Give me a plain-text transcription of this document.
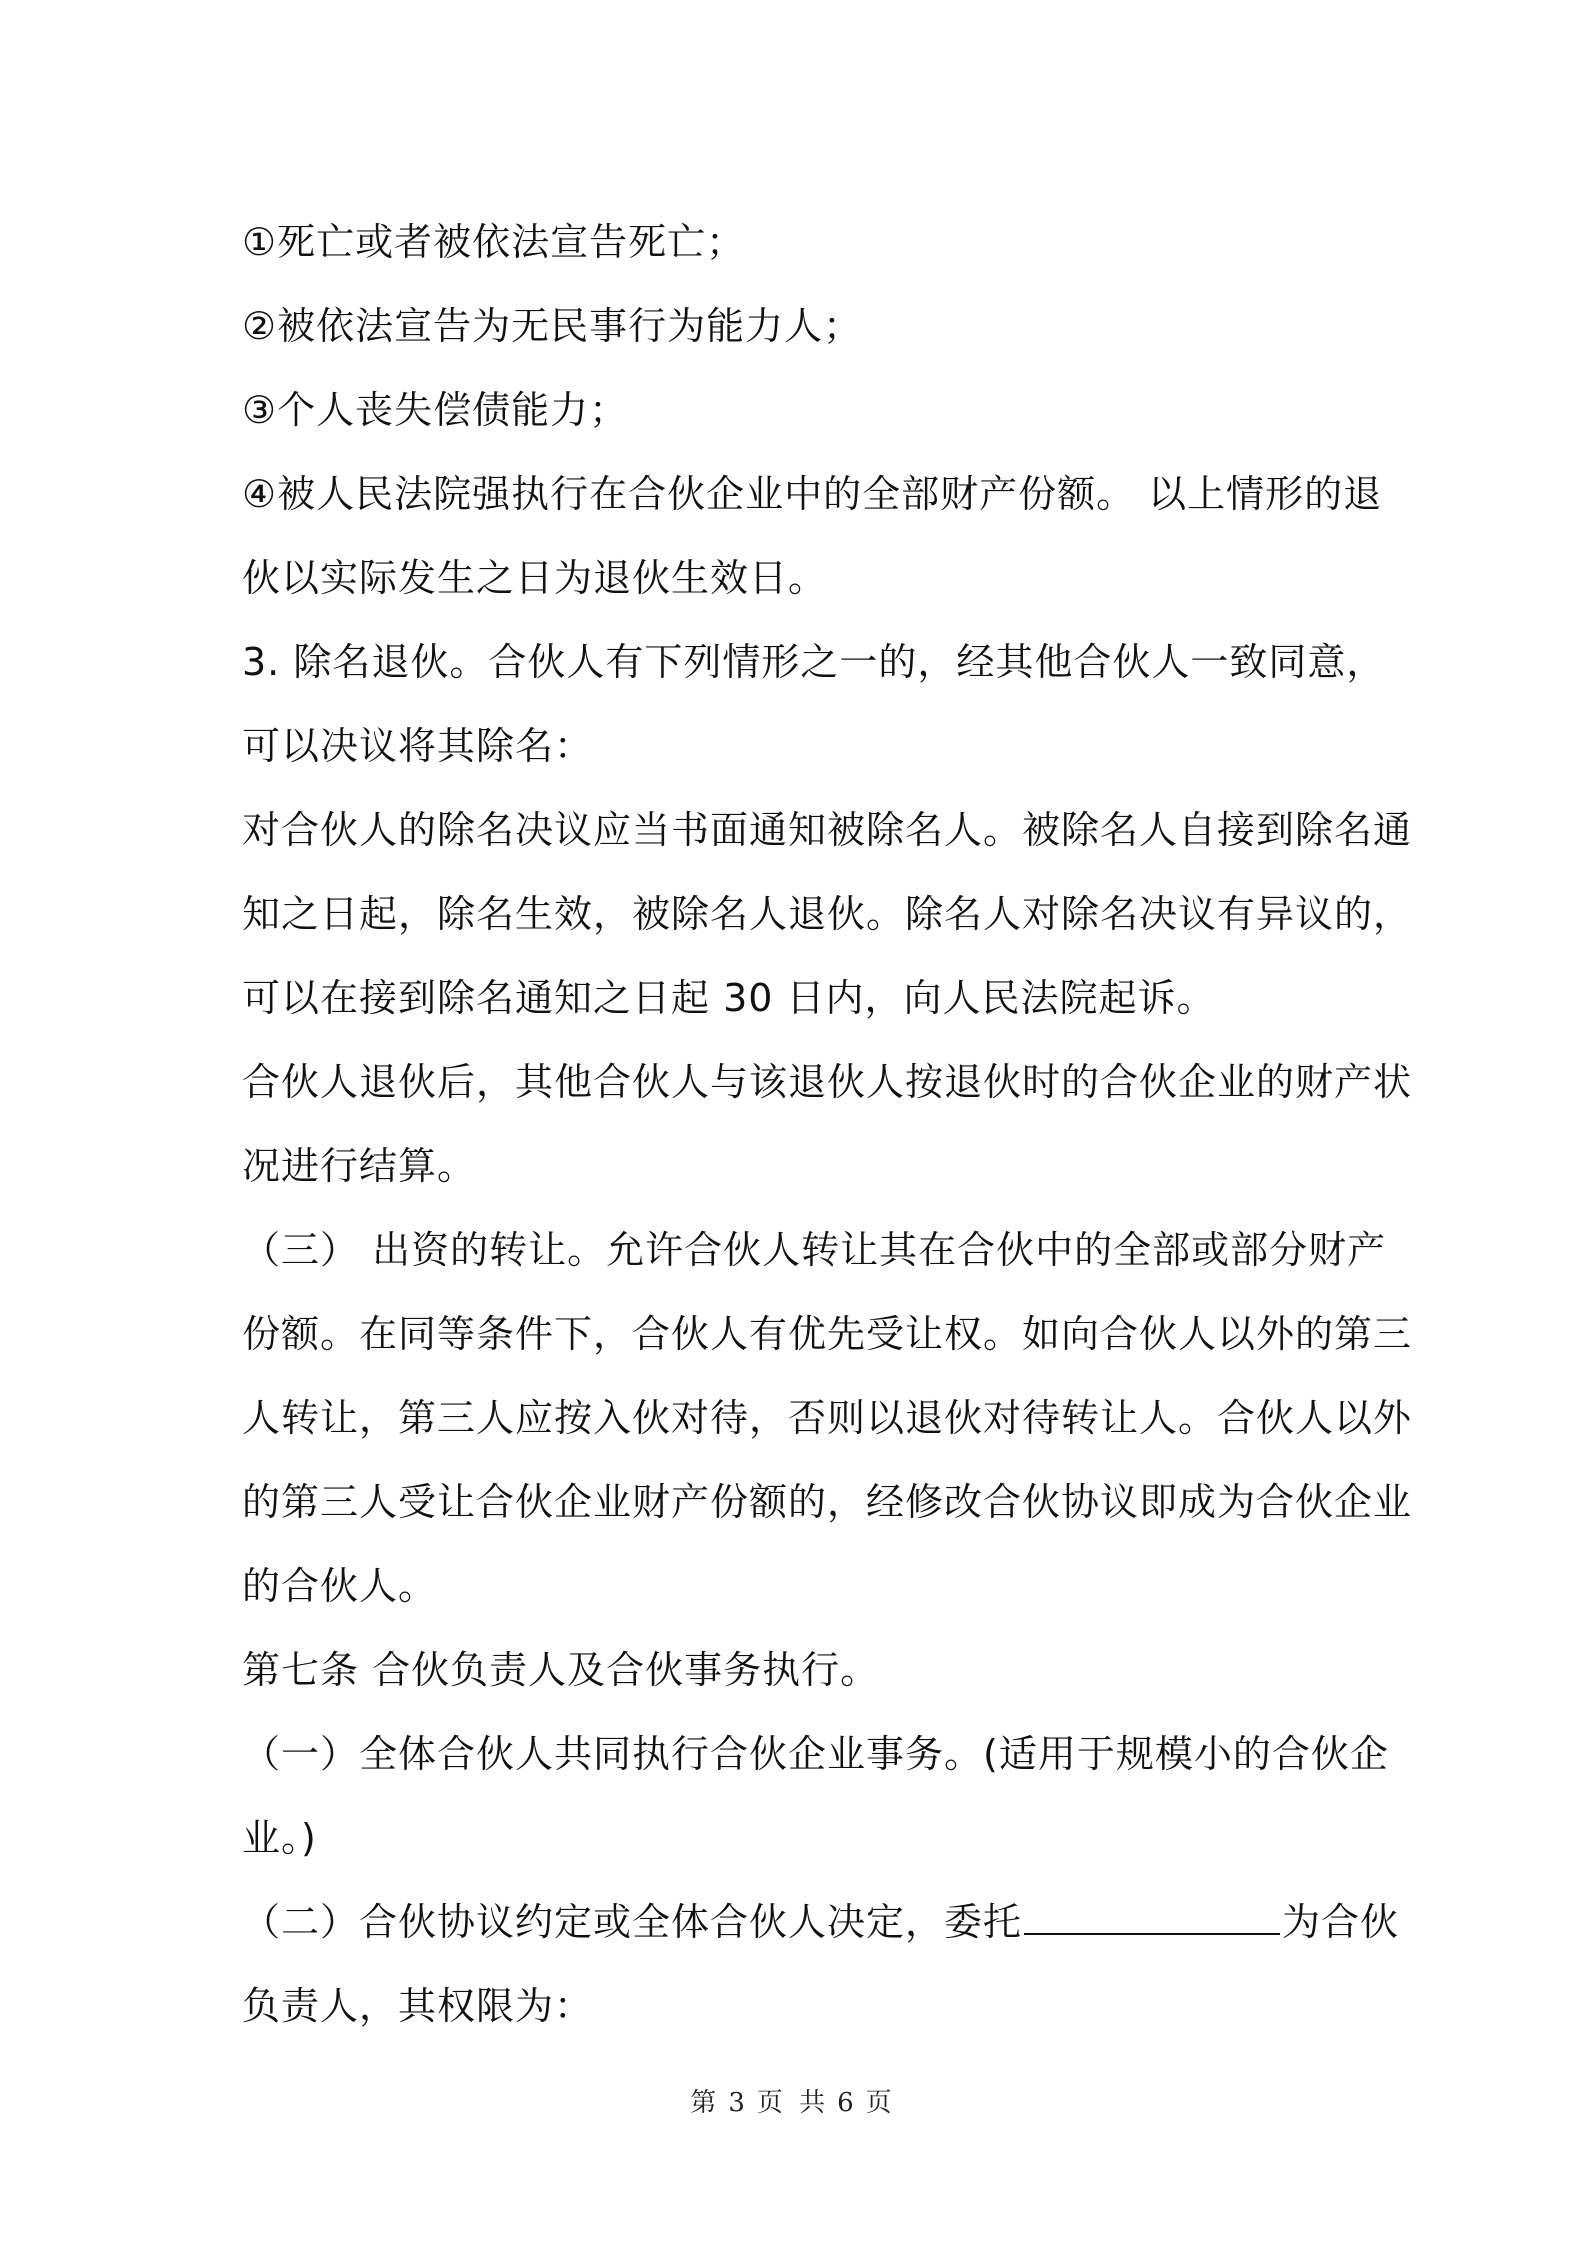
①死亡或者被依法宣告死亡；
②被依法宣告为无民事行为能力人；
③个人丧失偿债能力；
④被人民法院强执行在合伙企业中的全部财产份额。 以上情形的退
伙以实际发生之日为退伙生效日。
3. 除名退伙。合伙人有下列情形之一的，经其他合伙人一致同意，
可以决议将其除名：
对合伙人的除名决议应当书面通知被除名人。被除名人自接到除名通
知之日起，除名生效，被除名人退伙。除名人对除名决议有异议的，
可以在接到除名通知之日起 30 日内，向人民法院起诉。
合伙人退伙后，其他合伙人与该退伙人按退伙时的合伙企业的财产状
况进行结算。
（三） 出资的转让。允许合伙人转让其在合伙中的全部或部分财产
份额。在同等条件下，合伙人有优先受让权。如向合伙人以外的第三
人转让，第三人应按入伙对待，否则以退伙对待转让人。合伙人以外
的第三人受让合伙企业财产份额的，经修改合伙协议即成为合伙企业
的合伙人。
第七条 合伙负责人及合伙事务执行。
（一）全体合伙人共同执行合伙企业事务。(适用于规模小的合伙企
业。)
（二）合伙协议约定或全体合伙人决定，委托	为合伙
负责人，其权限为：
第 3 页 共 6 页
